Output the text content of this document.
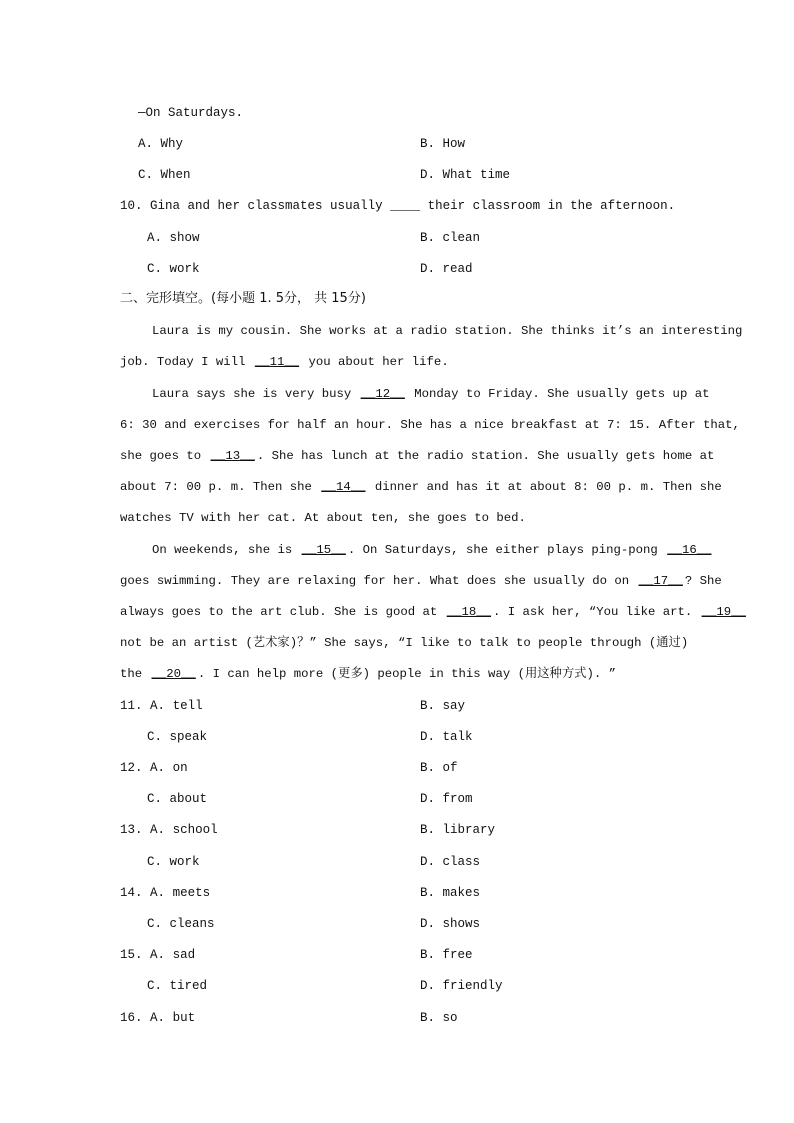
—On Saturdays.
A. Why	B. How
C. When	D. What time
10. Gina and her classmates usually ____ their classroom in the afternoon.
A. show	B. clean
C. work	D. read
二、完形填空。(每小题 1. 5分， 共 15分)
Laura is my cousin. She works at a radio station. She thinks it’s an interesting
job. Today I will __11__ you about her life.
Laura says she is very busy __12__ Monday to Friday. She usually gets up at
6: 30 and exercises for half an hour. She has a nice breakfast at 7: 15. After that,
she goes to __13__ . She has lunch at the radio station. She usually gets home at
about 7: 00 p. m. Then she __14__ dinner and has it at about 8: 00 p. m. Then she
watches TV with her cat. At about ten, she goes to bed.
On weekends, she is __15__ . On Saturdays, she either plays ping-pong __16__
goes swimming. They are relaxing for her. What does she usually do on __17__ ? She
always goes to the art club. She is good at __18__ . I ask her, “You like art. __19__
not be an artist (艺术家)？” She says, “I like to talk to people through (通过)
the __20__ . I can help more (更多) people in this way (用这种方式). ”
11. A. tell	B. say
C. speak	D. talk
12. A. on	B. of
C. about	D. from
13. A. school	B. library
C. work	D. class
14. A. meets	B. makes
C. cleans	D. shows
15. A. sad	B. free
C. tired	D. friendly
16. A. but	B. so
